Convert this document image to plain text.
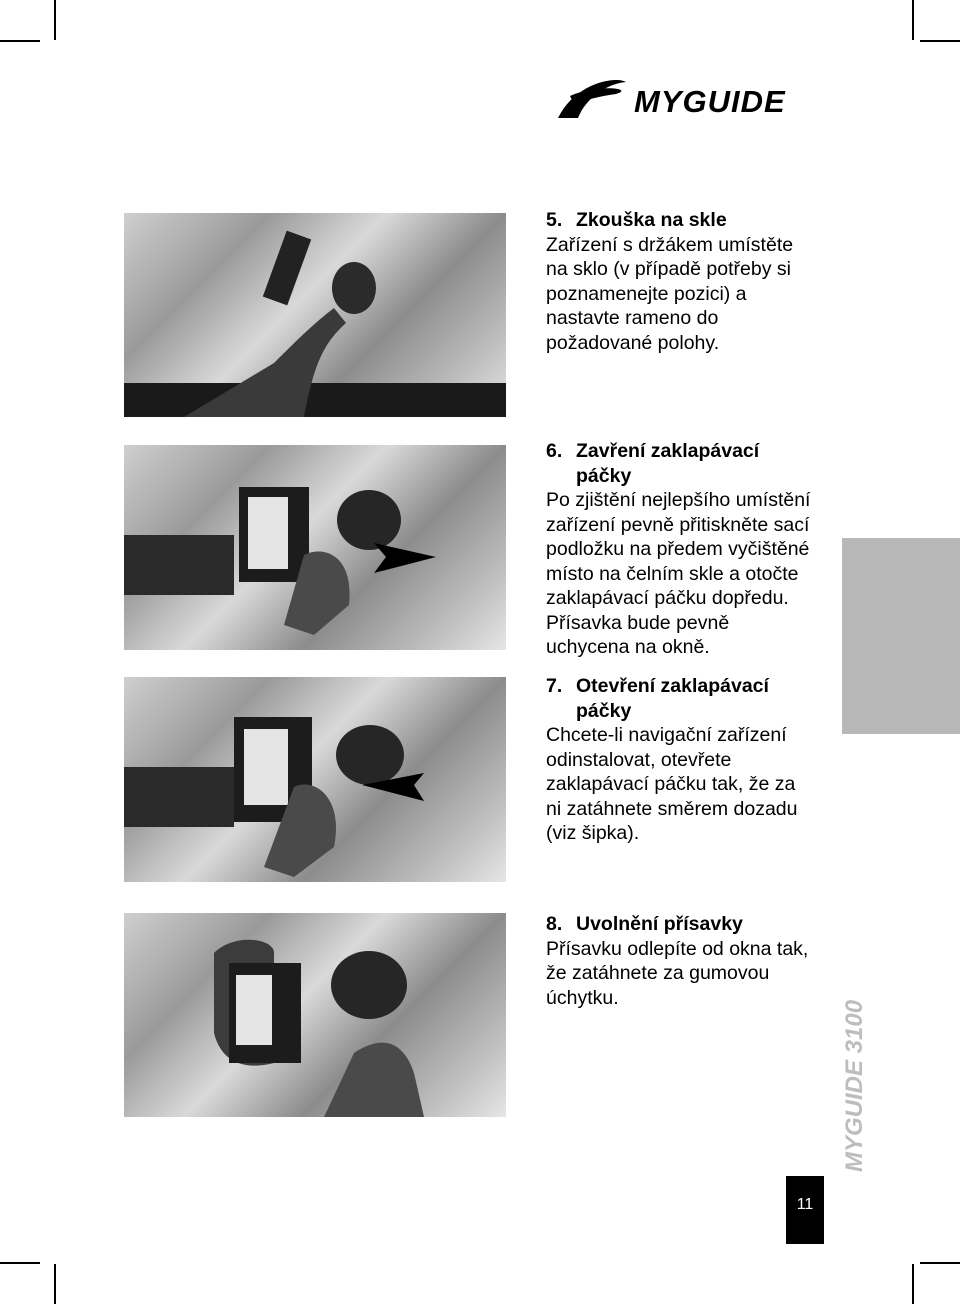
MYGUIDE
5. Zkouška na skle

Zařízení s držákem umístěte

na sklo (v případě potřeby si

poznamenejte pozici) a

nastavte rameno do

požadované polohy.

6. Zavření zaklapávací
páčky

Po zjištění nejlepšího umístění

zařízení pevně přitiskněte sací

podložku na předem vyčištěné

místo na čelním skle a otočte

zaklapávací páčku dopředu.

Přísavka bude pevně

uchycena na okně.

7. Otevření zaklapávací
páčky

Chcete-li navigační zařízení

odinstalovat, otevřete

zaklapávací páčku tak, že za

ni zatáhnete směrem dozadu

(viz šipka).

8. Uvolnění přísavky

Přísavku odlepíte od okna tak,

že zatáhnete za gumovou

úchytku.

MYGUIDE 3100
11
